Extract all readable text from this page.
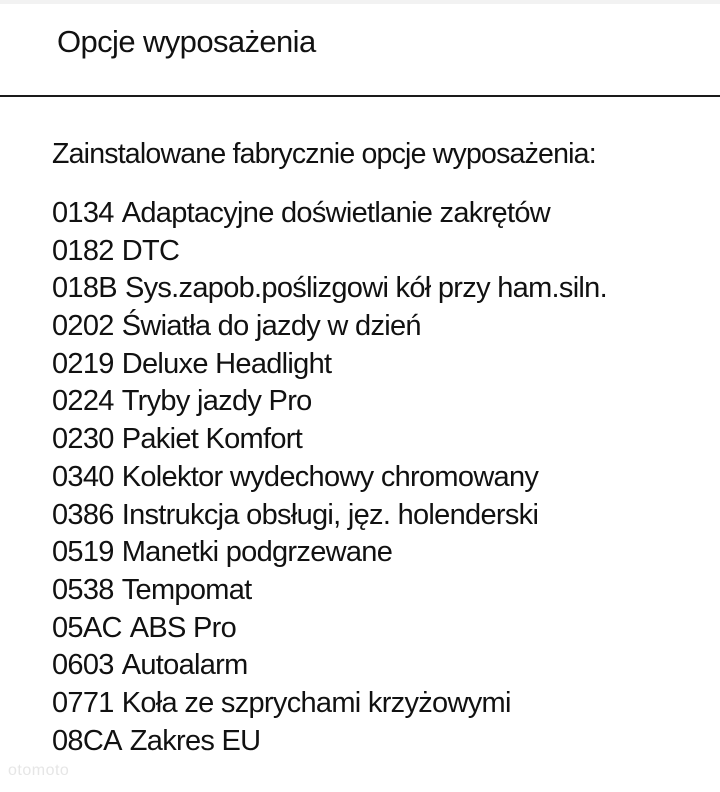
Opcje wyposażenia
Zainstalowane fabrycznie opcje wyposażenia:
0134 Adaptacyjne doświetlanie zakrętów
0182 DTC
018B Sys.zapob.poślizgowi kół przy ham.siln.
0202 Światła do jazdy w dzień
0219 Deluxe Headlight
0224 Tryby jazdy Pro
0230 Pakiet Komfort
0340 Kolektor wydechowy chromowany
0386 Instrukcja obsługi, jęz. holenderski
0519 Manetki podgrzewane
0538 Tempomat
05AC ABS Pro
0603 Autoalarm
0771 Koła ze szprychami krzyżowymi
08CA Zakres EU
otomoto
